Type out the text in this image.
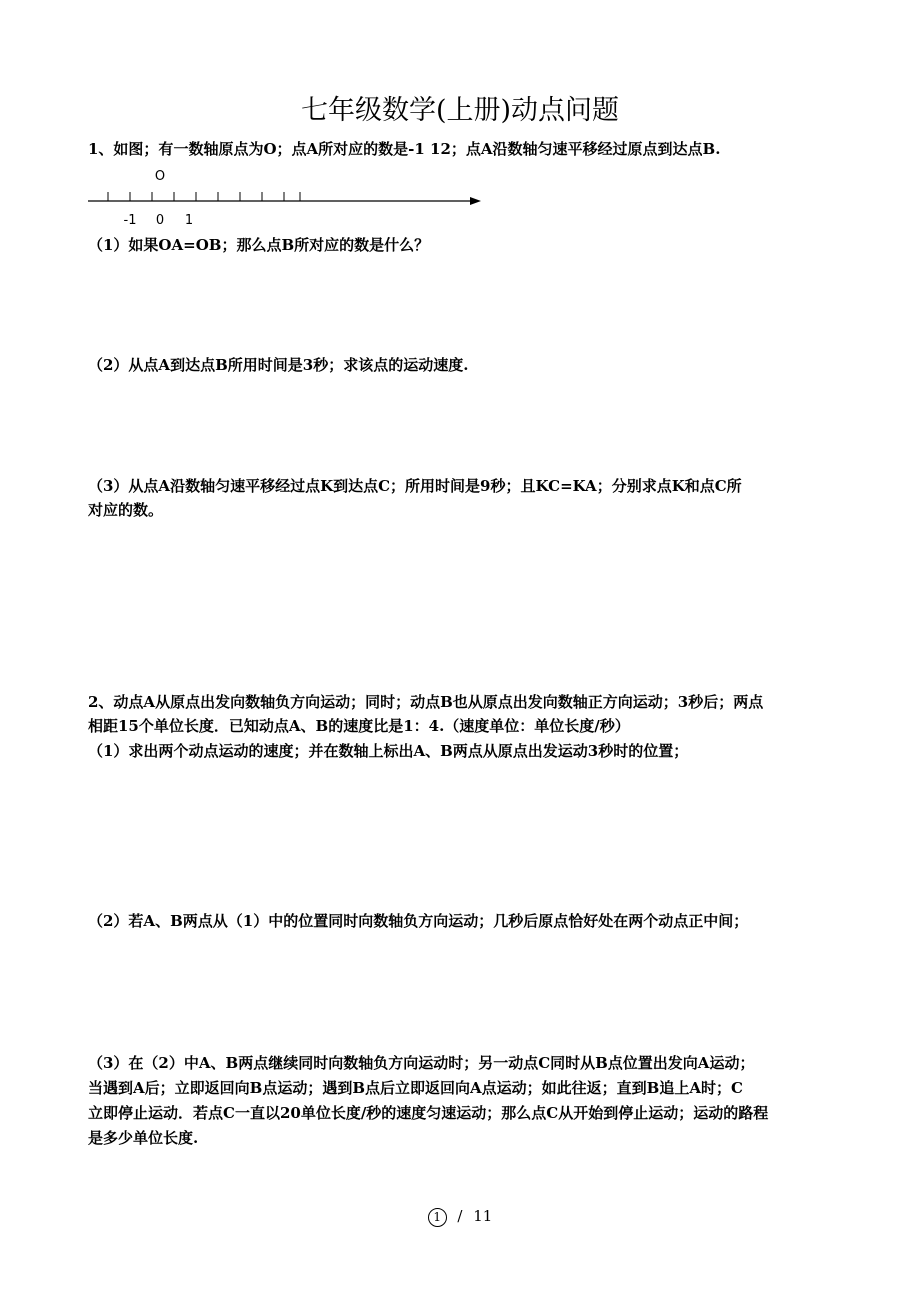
七年级数学(上册)动点问题
1、如图；有一数轴原点为O；点A所对应的数是-1 12；点A沿数轴匀速平移经过原点到达点B.
O
-1 0 1
（1）如果OA=OB；那么点B所对应的数是什么？
（2）从点A到达点B所用时间是3秒；求该点的运动速度.
（3）从点A沿数轴匀速平移经过点K到达点C；所用时间是9秒；且KC=KA；分别求点K和点C所
对应的数。
2、动点A从原点出发向数轴负方向运动；同时；动点B也从原点出发向数轴正方向运动；3秒后；两点
相距15个单位长度．已知动点A、B的速度比是1：4.（速度单位：单位长度/秒）
（1）求出两个动点运动的速度；并在数轴上标出A、B两点从原点出发运动3秒时的位置；
（2）若A、B两点从（1）中的位置同时向数轴负方向运动；几秒后原点恰好处在两个动点正中间；
（3）在（2）中A、B两点继续同时向数轴负方向运动时；另一动点C同时从B点位置出发向A运动；
当遇到A后；立即返回向B点运动；遇到B点后立即返回向A点运动；如此往返；直到B追上A时；C
立即停止运动．若点C一直以20单位长度/秒的速度匀速运动；那么点C从开始到停止运动；运动的路程
是多少单位长度.
1 / 11
